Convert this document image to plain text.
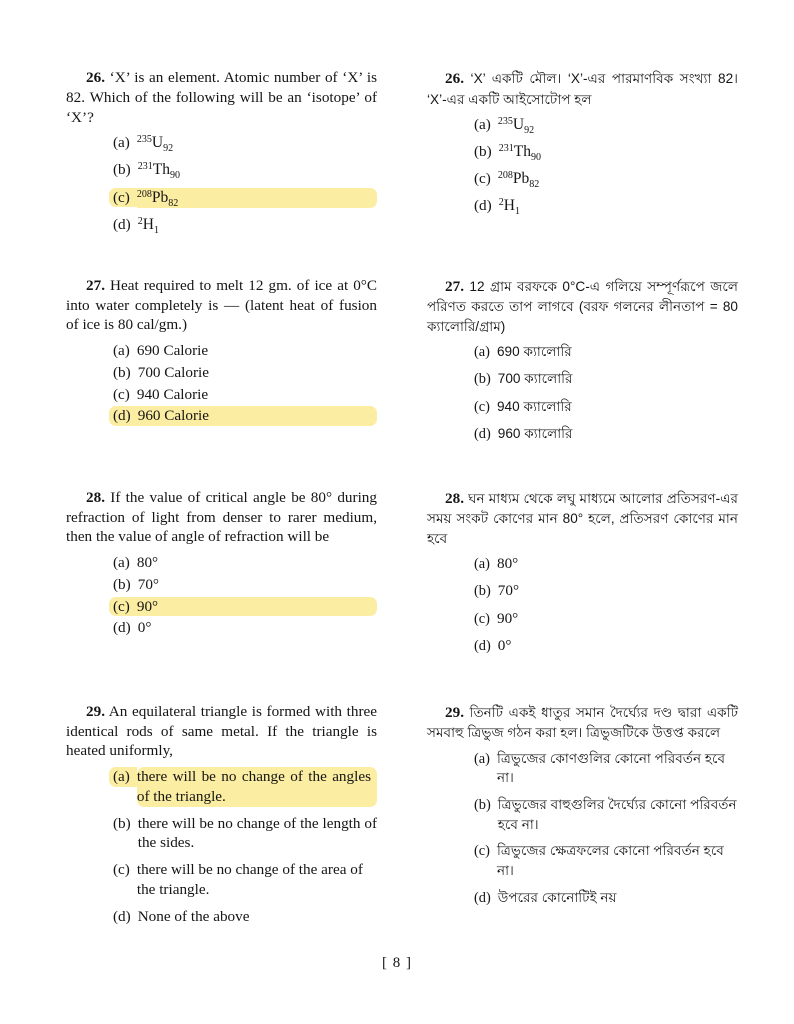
26. ‘X’ is an element. Atomic number of ‘X’ is 82. Which of the following will be an ‘isotope’ of ‘X’?

(a) $^{235}U_{92}$
(b) $^{231}Th_{90}$
(c) $^{208}Pb_{82}$
(d) $^2H_1$

26. ‘X’ একটি মৌল। ‘X’-এর পারমাণবিক সংখ্যা 82। ‘X’-এর একটি আইসোটোপ হল

(a) $^{235}U_{92}$
(b) $^{231}Th_{90}$
(c) $^{208}Pb_{82}$
(d) $^2H_1$

27. Heat required to melt 12 gm. of ice at 0°C into water completely is — (latent heat of fusion of ice is 80 cal/gm.)

(a) 690 Calorie
(b) 700 Calorie
(c) 940 Calorie
(d) 960 Calorie

27. 12 গ্রাম বরফকে 0°C-এ গলিয়ে সম্পূর্ণরূপে জলে পরিণত করতে তাপ লাগবে (বরফ গলনের লীনতাপ = 80 ক্যালোরি/গ্রাম)

(a) 690 ক্যালোরি
(b) 700 ক্যালোরি
(c) 940 ক্যালোরি
(d) 960 ক্যালোরি

28. If the value of critical angle be 80° during refraction of light from denser to rarer medium, then the value of angle of refraction will be

(a) 80°
(b) 70°
(c) 90°
(d) 0°

28. ঘন মাধ্যম থেকে লঘু মাধ্যমে আলোর প্রতিসরণ-এর সময় সংকট কোণের মান 80° হলে, প্রতিসরণ কোণের মান হবে

(a) 80°
(b) 70°
(c) 90°
(d) 0°

29. An equilateral triangle is formed with three identical rods of same metal. If the triangle is heated uniformly,

(a) there will be no change of the angles of the triangle.
(b) there will be no change of the length of the sides.
(c) there will be no change of the area of the triangle.
(d) None of the above

29. তিনটি একই ধাতুর সমান দৈর্ঘ্যের দণ্ড দ্বারা একটি সমবাহু ত্রিভুজ গঠন করা হল। ত্রিভুজটিকে উত্তপ্ত করলে

(a) ত্রিভুজের কোণগুলির কোনো পরিবর্তন হবে না।
(b) ত্রিভুজের বাহুগুলির দৈর্ঘ্যের কোনো পরিবর্তন হবে না।
(c) ত্রিভুজের ক্ষেত্রফলের কোনো পরিবর্তন হবে না।
(d) উপরের কোনোটিই নয়
[ 8 ]
